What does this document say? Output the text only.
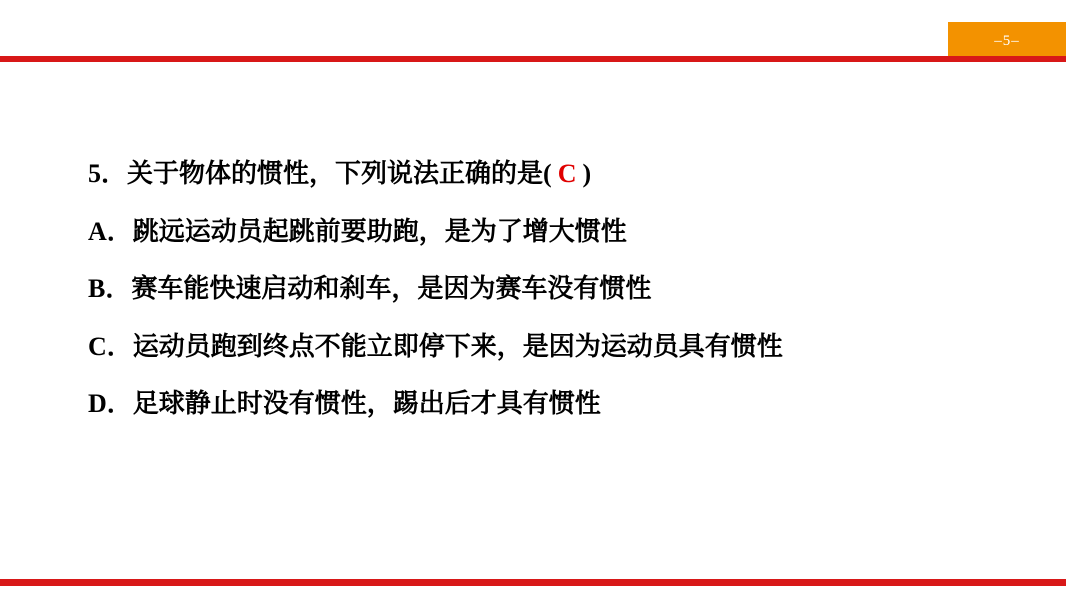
–5–
5．关于物体的惯性，下列说法正确的是( C )
A．跳远运动员起跳前要助跑，是为了增大惯性
B．赛车能快速启动和刹车，是因为赛车没有惯性
C．运动员跑到终点不能立即停下来，是因为运动员具有惯性
D．足球静止时没有惯性，踢出后才具有惯性
